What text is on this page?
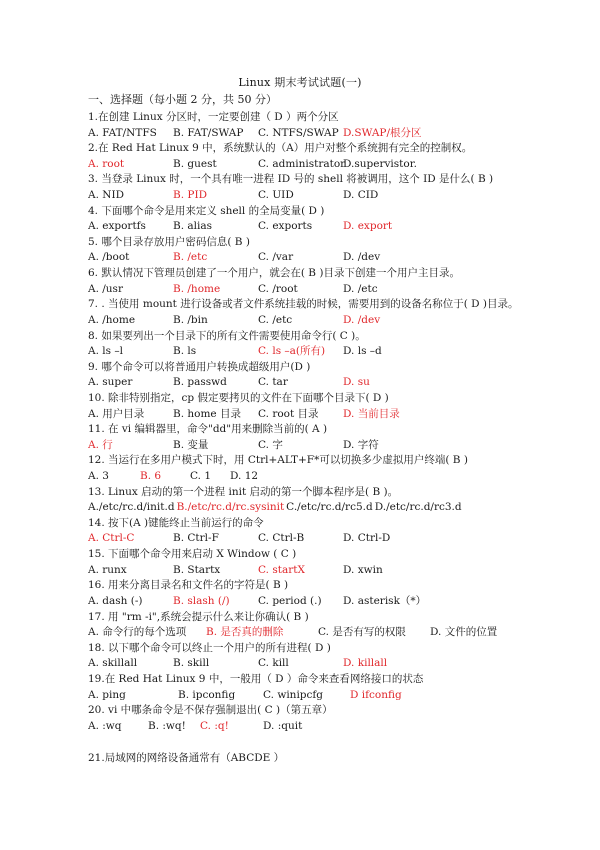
Linux 期末考试试题(一)
一、选择题（每小题 2 分，共 50 分）
1.在创建 Linux 分区时，一定要创建（ D ）两个分区
A. FAT/NTFS B. FAT/SWAP C. NTFS/SWAP D.SWAP/根分区
2.在 Red Hat Linux 9 中，系统默认的（A）用户对整个系统拥有完全的控制权。
A. root	B. guest	C. administrator
D.supervistor.
3. 当登录 Linux 时，一个具有唯一进程 ID 号的 shell 将被调用，这个 ID 是什么( B )
A. NID	B. PID	C. UID	D. CID
4. 下面哪个命令是用来定义 shell 的全局变量( D )
A. exportfs	B. alias	C. exports	D. export
5. 哪个目录存放用户密码信息( B )
A. /boot	B. /etc	C. /var	D. /dev
6. 默认情况下管理员创建了一个用户，就会在( B )目录下创建一个用户主目录。
A. /usr	B. /home	C. /root	D. /etc
7. . 当使用 mount 进行设备或者文件系统挂载的时候，需要用到的设备名称位于( D )目录。
A. /home	B. /bin	C. /etc	D. /dev
8. 如果要列出一个目录下的所有文件需要使用命令行( C )。
A. ls –l	B. ls	C. ls –a(所有) D. ls –d
9. 哪个命令可以将普通用户转换成超级用户(D )
A. super	B. passwd	C. tar	D. su
10. 除非特别指定，cp 假定要拷贝的文件在下面哪个目录下( D )
A. 用户目录	B. home 目录 C. root 目录 D. 当前目录
11. 在 vi 编辑器里，命令"dd"用来删除当前的( A )
A. 行	B. 变量	C. 字	D. 字符
12. 当运行在多用户模式下时，用 Ctrl+ALT+F*可以切换多少虚拟用户终端( B )
A. 3	B. 6	C. 1 D. 12
13. Linux 启动的第一个进程 init 启动的第一个脚本程序是( B )。
A./etc/rc.d/init.d B./etc/rc.d/rc.sysinit C./etc/rc.d/rc5.d D./etc/rc.d/rc3.d
14. 按下(A )键能终止当前运行的命令
A. Ctrl-C	B. Ctrl-F	C. Ctrl-B	D. Ctrl-D
15. 下面哪个命令用来启动 X Window ( C )
A. runx	B. Startx	C. startX	D. xwin
16. 用来分离目录名和文件名的字符是( B )
A. dash (-)	B. slash (/)	C. period (.) D. asterisk（*）
17. 用 "rm -i",系统会提示什么来让你确认( B )
A. 命令行的每个选项 B. 是否真的删除	C. 是否有写的权限 D. 文件的位置
18. 以下哪个命令可以终止一个用户的所有进程( D )
A. skillall	B. skill	C. kill	D. killall
19.在 Red Hat Linux 9 中，一般用（ D ）命令来查看网络接口的状态
A. ping	B. ipconfig	C. winipcfg	D ifconfig
20. vi 中哪条命令是不保存强制退出( C )（第五章）
A. :wq	B. :wq! C. :q!	D. :quit
21.局域网的网络设备通常有（ABCDE ）
